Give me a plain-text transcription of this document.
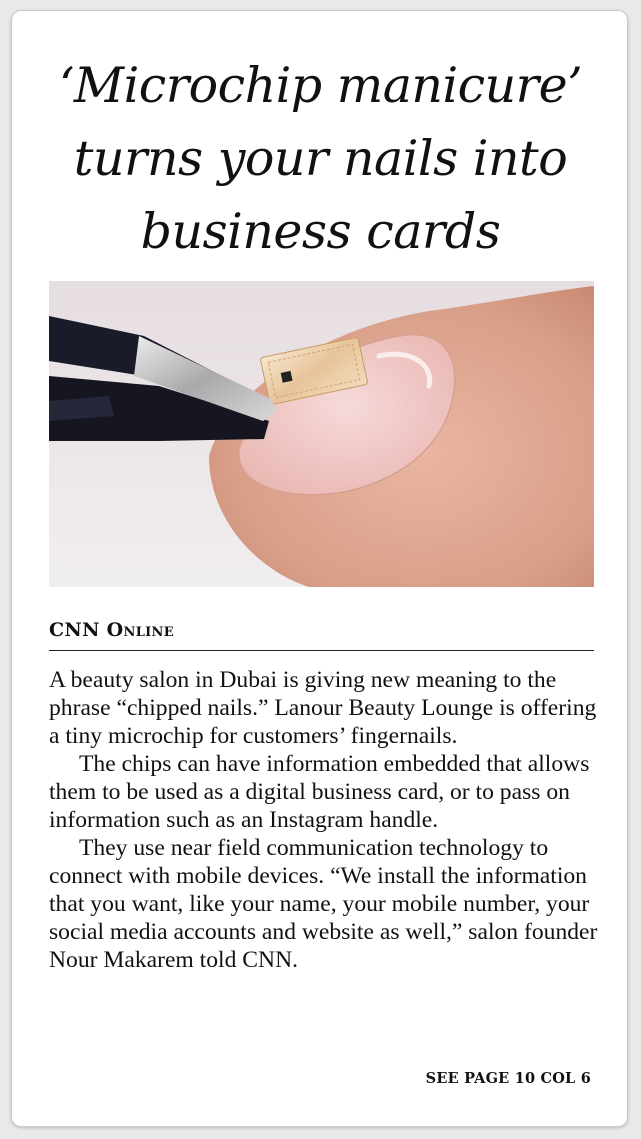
‘Microchip manicure’
turns your nails into
business cards
CNN Online

A beauty salon in Dubai is giving new meaning to the phrase “chipped nails.” Lanour Beauty Lounge is offering a tiny microchip for customers’ fingernails.

The chips can have information embedded that allows them to be used as a digital business card, or to pass on information such as an Instagram handle.

They use near field communication technology to connect with mobile devices. “We install the information that you want, like your name, your mobile number, your social media accounts and website as well,” salon founder Nour Makarem told CNN.

SEE PAGE 10 COL 6
